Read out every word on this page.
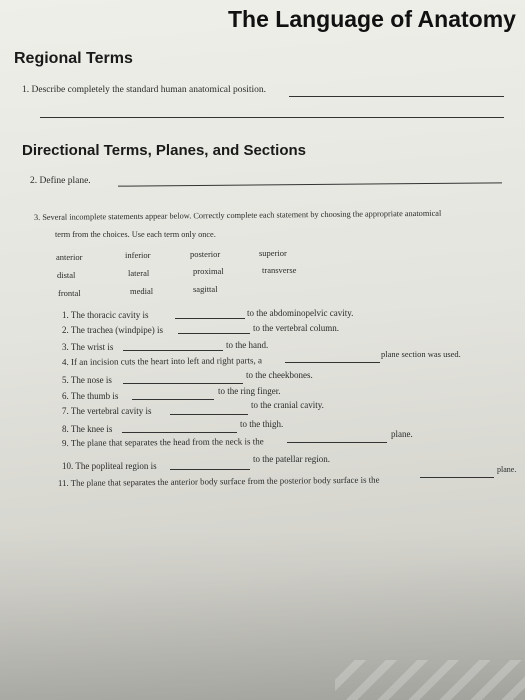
The Language of Anatomy
Regional Terms
1. Describe completely the standard human anatomical position.
Directional Terms, Planes, and Sections
2. Define plane.
3. Several incomplete statements appear below. Correctly complete each statement by choosing the appropriate anatomical
term from the choices. Use each term only once.
anterior	inferior	posterior	superior
distal	lateral	proximal	transverse
frontal	medial	sagittal
1. The thoracic cavity is	to the abdominopelvic cavity.
2. The trachea (windpipe) is	to the vertebral column.
3. The wrist is	to the hand.
4. If an incision cuts the heart into left and right parts, a
plane section was used.
5. The nose is	to the cheekbones.
6. The thumb is	to the ring finger.
7. The vertebral cavity is
to the cranial cavity.
8. The knee is	to the thigh.
9. The plane that separates the head from the neck is the
plane.
10. The popliteal region is
to the patellar region.
11. The plane that separates the anterior body surface from the posterior body surface is the
plane.
